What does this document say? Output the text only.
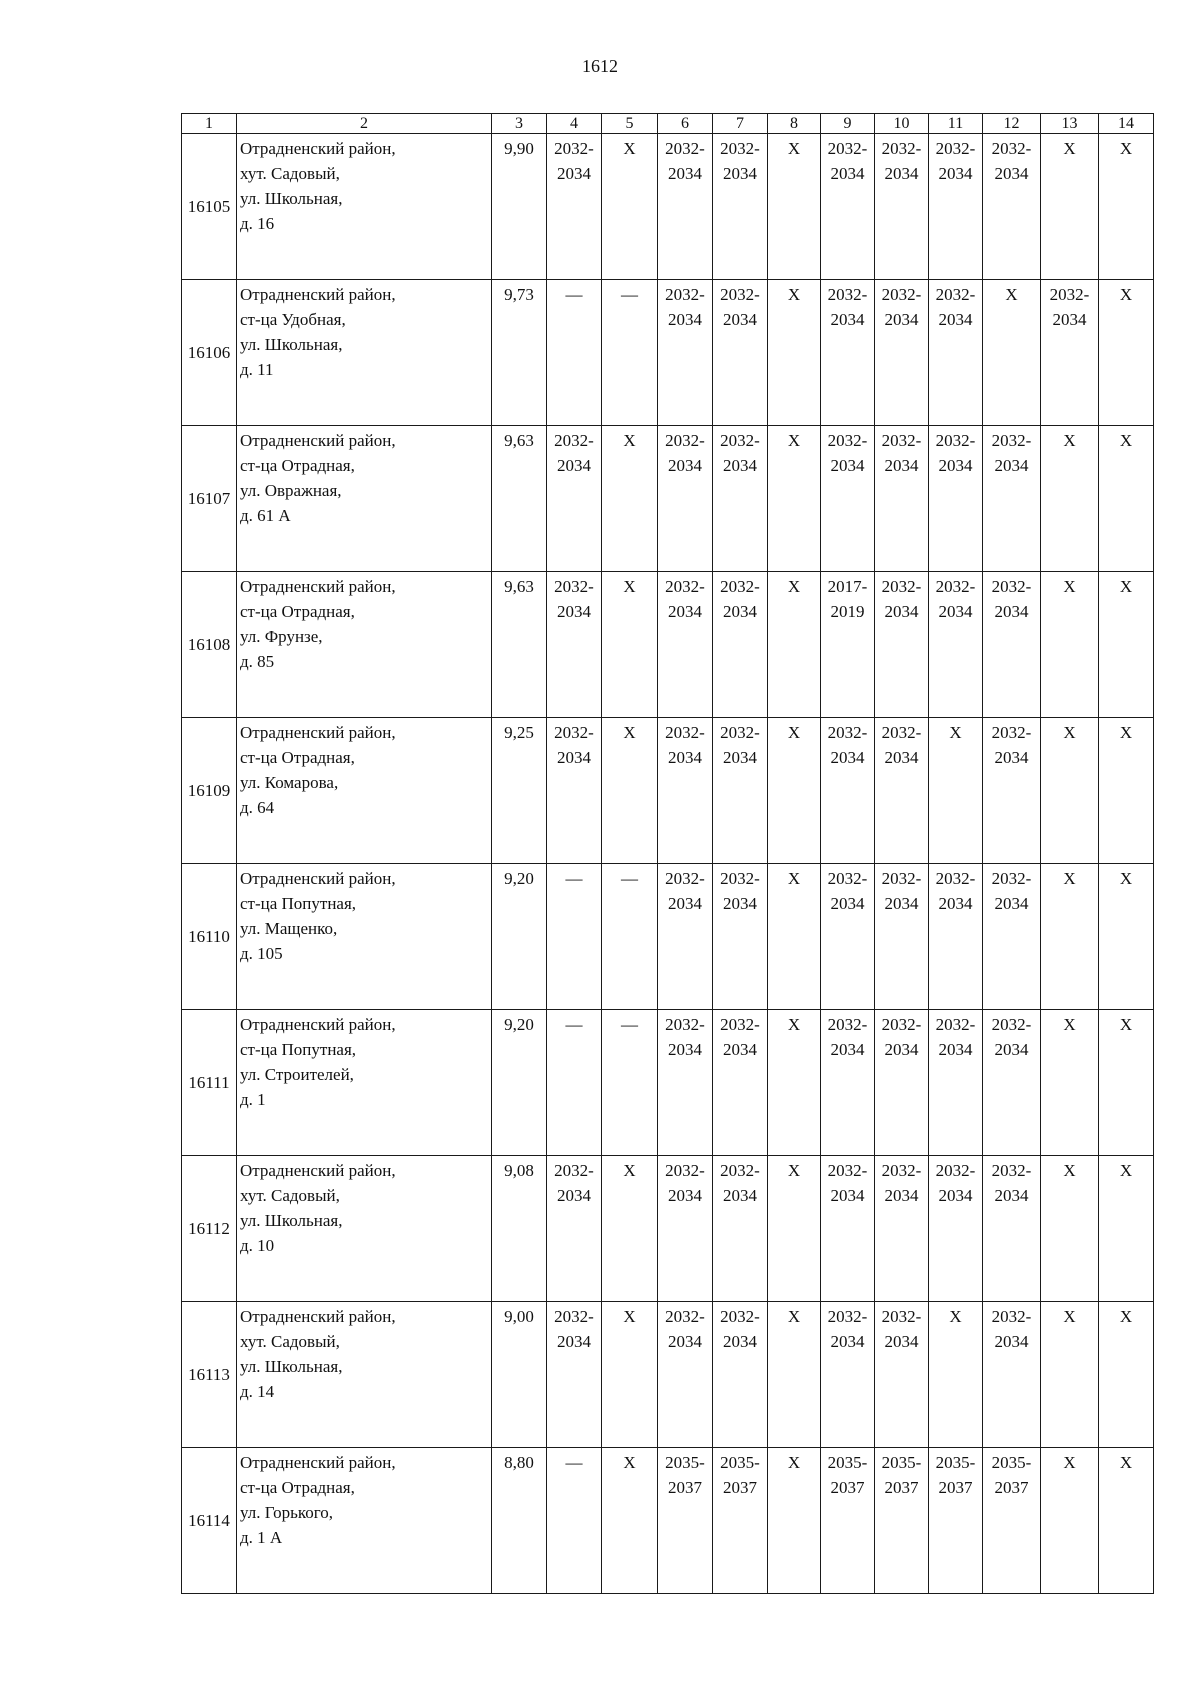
1612
1	2	3	4	5	6	7	8	9	10	11	12	13	14
16105	Отрадненский район,
хут. Садовый,
ул. Школьная,
д. 16	9,90	2032-
2034	Х	2032-
2034	2032-
2034	Х	2032-
2034	2032-
2034	2032-
2034	2032-
2034	Х	Х

16106	Отрадненский район,
ст-ца Удобная,
ул. Школьная,
д. 11	9,73	—	—	2032-
2034	2032-
2034	Х	2032-
2034	2032-
2034	2032-
2034	Х	2032-
2034	Х

16107	Отрадненский район,
ст-ца Отрадная,
ул. Овражная,
д. 61 А	9,63	2032-
2034	Х	2032-
2034	2032-
2034	Х	2032-
2034	2032-
2034	2032-
2034	2032-
2034	Х	Х

16108	Отрадненский район,
ст-ца Отрадная,
ул. Фрунзе,
д. 85	9,63	2032-
2034	Х	2032-
2034	2032-
2034	Х	2017-
2019	2032-
2034	2032-
2034	2032-
2034	Х	Х

16109	Отрадненский район,
ст-ца Отрадная,
ул. Комарова,
д. 64	9,25	2032-
2034	Х	2032-
2034	2032-
2034	Х	2032-
2034	2032-
2034	Х	2032-
2034	Х	Х

16110	Отрадненский район,
ст-ца Попутная,
ул. Мащенко,
д. 105	9,20	—	—	2032-
2034	2032-
2034	Х	2032-
2034	2032-
2034	2032-
2034	2032-
2034	Х	Х

16111	Отрадненский район,
ст-ца Попутная,
ул. Строителей,
д. 1	9,20	—	—	2032-
2034	2032-
2034	Х	2032-
2034	2032-
2034	2032-
2034	2032-
2034	Х	Х

16112	Отрадненский район,
хут. Садовый,
ул. Школьная,
д. 10	9,08	2032-
2034	Х	2032-
2034	2032-
2034	Х	2032-
2034	2032-
2034	2032-
2034	2032-
2034	Х	Х

16113	Отрадненский район,
хут. Садовый,
ул. Школьная,
д. 14	9,00	2032-
2034	Х	2032-
2034	2032-
2034	Х	2032-
2034	2032-
2034	Х	2032-
2034	Х	Х

16114	Отрадненский район,
ст-ца Отрадная,
ул. Горького,
д. 1 А	8,80	—	Х	2035-
2037	2035-
2037	Х	2035-
2037	2035-
2037	2035-
2037	2035-
2037	Х	Х
